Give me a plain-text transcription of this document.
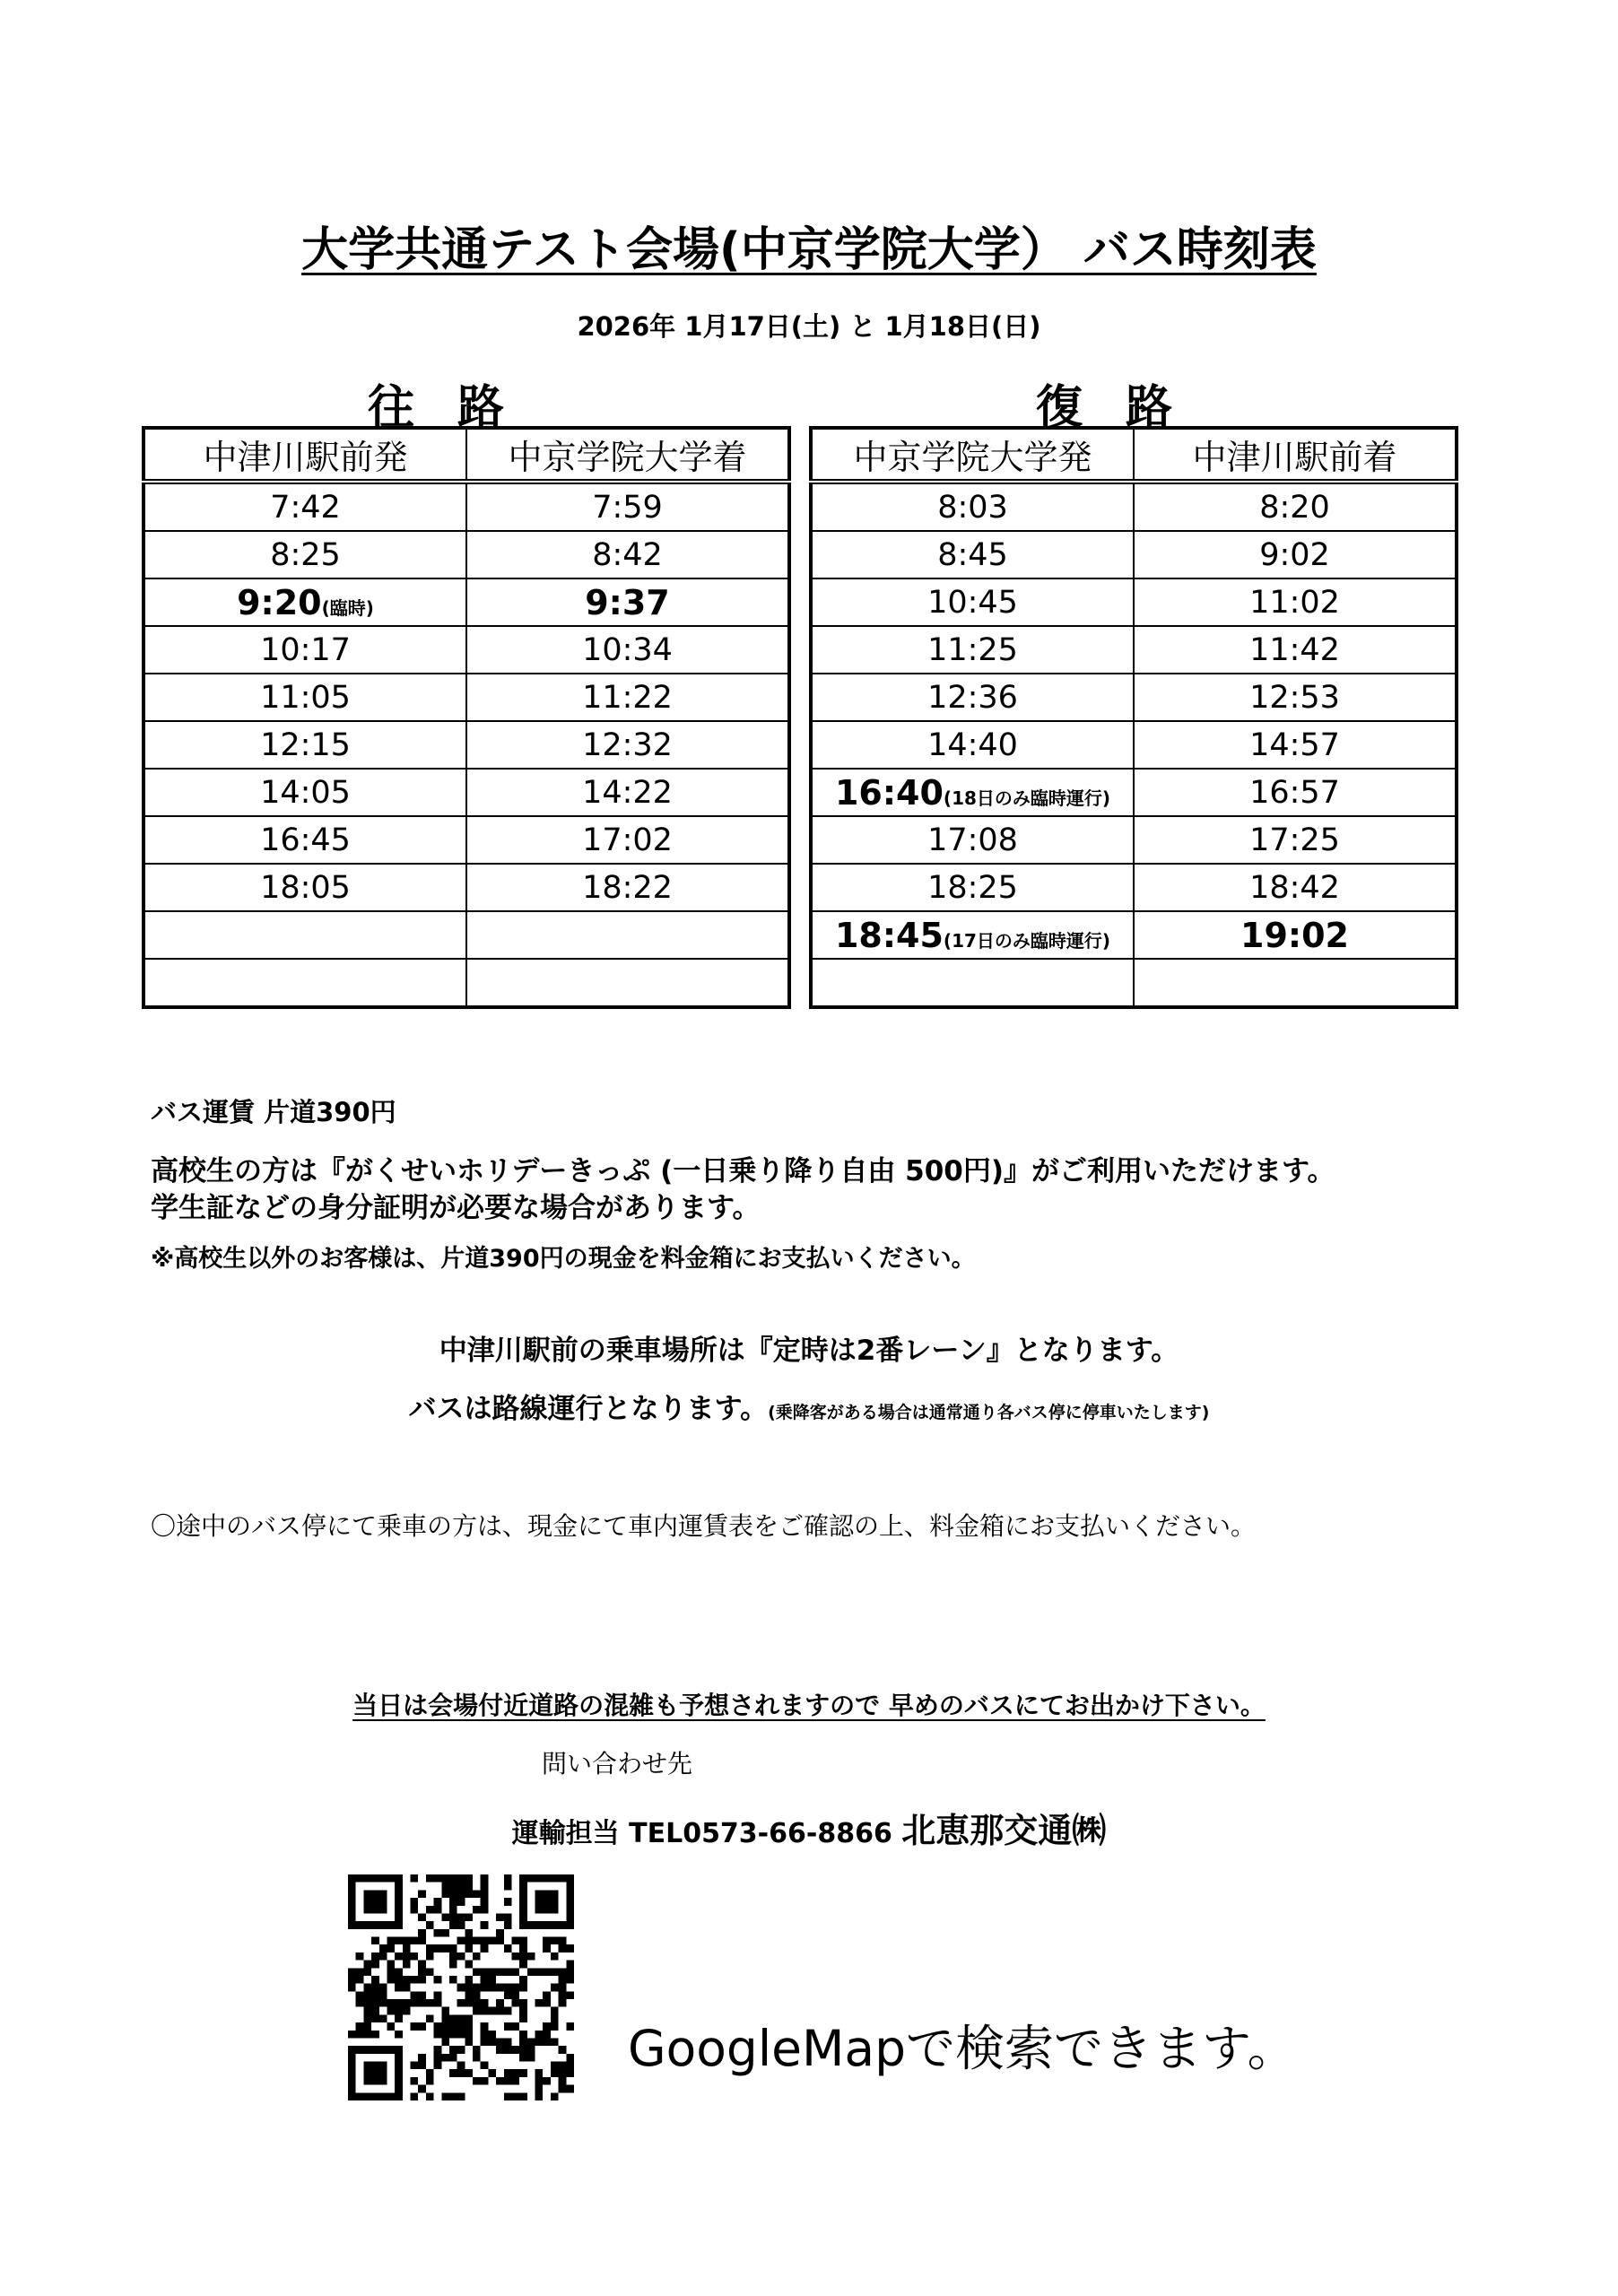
大学共通テスト会場(中京学院大学） バス時刻表
2026年 1月17日(土) と 1月18日(日)
往路	復路
中津川駅前発	中京学院大学着
7:42	7:59
8:25	8:42
9:20(臨時)	9:37
10:17	10:34
11:05	11:22
12:15	12:32
14:05	14:22
16:45	17:02
18:05	18:22

中京学院大学発	中津川駅前着
8:03	8:20
8:45	9:02
10:45	11:02
11:25	11:42
12:36	12:53
14:40	14:57
16:40(18日のみ臨時運行)	16:57
17:08	17:25
18:25	18:42
18:45(17日のみ臨時運行)	19:02

バス運賃 片道390円
高校生の方は『がくせいホリデーきっぷ (一日乗り降り自由 500円)』がご利用いただけます。
学生証などの身分証明が必要な場合があります。
※高校生以外のお客様は、片道390円の現金を料金箱にお支払いください。
中津川駅前の乗車場所は『定時は2番レーン』となります。
バスは路線運行となります。(乗降客がある場合は通常通り各バス停に停車いたします)
〇途中のバス停にて乗車の方は、現金にて車内運賃表をご確認の上、料金箱にお支払いください。
当日は会場付近道路の混雑も予想されますので 早めのバスにてお出かけ下さい。
問い合わせ先
運輸担当 TEL0573-66-8866 北恵那交通㈱
GoogleMapで検索できます。
